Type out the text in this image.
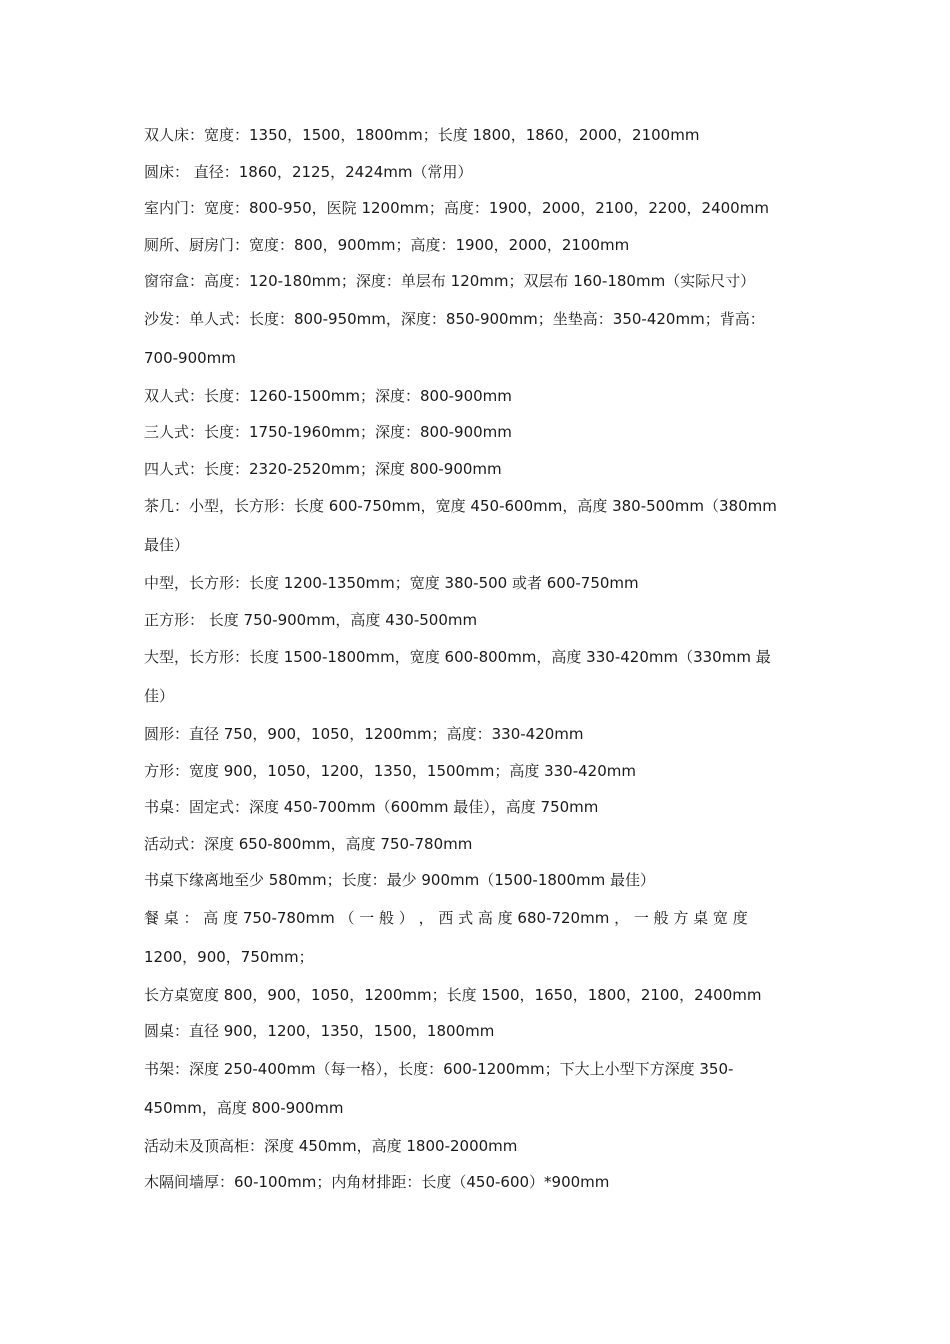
双人床：宽度：1350，1500，1800mm；长度 1800，1860，2000，2100mm

圆床： 直径：1860，2125，2424mm（常用）

室内门：宽度：800-950，医院 1200mm；高度：1900，2000，2100，2200，2400mm

厕所、厨房门：宽度：800，900mm；高度：1900，2000，2100mm

窗帘盒：高度：120-180mm；深度：单层布 120mm；双层布 160-180mm（实际尺寸）

沙发：单人式：长度：800-950mm，深度：850-900mm；坐垫高：350-420mm；背高：

700-900mm

双人式：长度：1260-1500mm；深度：800-900mm

三人式：长度：1750-1960mm；深度：800-900mm

四人式：长度：2320-2520mm；深度 800-900mm

茶几：小型，长方形：长度 600-750mm，宽度 450-600mm，高度 380-500mm（380mm

最佳）

中型，长方形：长度 1200-1350mm；宽度 380-500 或者 600-750mm

正方形： 长度 750-900mm，高度 430-500mm

大型，长方形：长度 1500-1800mm，宽度 600-800mm，高度 330-420mm（330mm 最

佳）

圆形：直径 750，900，1050，1200mm；高度：330-420mm

方形：宽度 900，1050，1200，1350，1500mm；高度 330-420mm

书桌：固定式：深度 450-700mm（600mm 最佳），高度 750mm

活动式：深度 650-800mm，高度 750-780mm

书桌下缘离地至少 580mm；长度：最少 900mm（1500-1800mm 最佳）

餐 桌 ： 高 度 750-780mm （ 一 般 ） ， 西 式 高 度 680-720mm ， 一 般 方 桌 宽 度

1200，900，750mm；

长方桌宽度 800，900，1050，1200mm；长度 1500，1650，1800，2100，2400mm

圆桌：直径 900，1200，1350，1500，1800mm

书架：深度 250-400mm（每一格），长度：600-1200mm；下大上小型下方深度 350-

450mm，高度 800-900mm

活动未及顶高柜：深度 450mm，高度 1800-2000mm

木隔间墙厚：60-100mm；内角材排距：长度（450-600）*900mm
